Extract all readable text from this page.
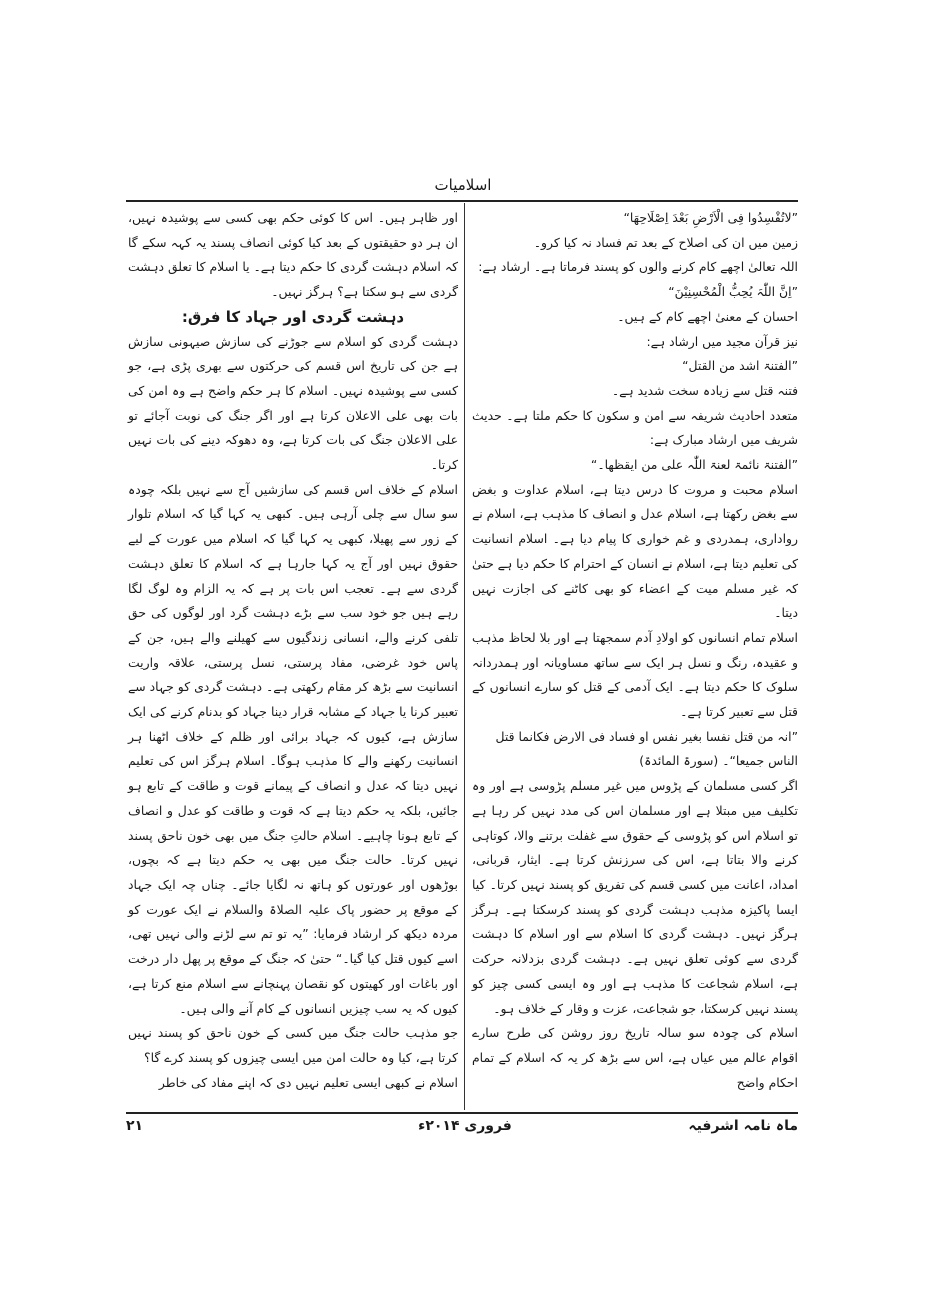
اسلامیات

”لاتُفْسِدُوا فِی الْاَرْضِ بَعْدَ اِصْلَاحِھَا“

زمین میں ان کی اصلاح کے بعد تم فساد نہ کیا کرو۔

اللہ تعالیٰ اچھے کام کرنے والوں کو پسند فرماتا ہے۔ ارشاد ہے:

”اِنَّ اللّٰہَ یُحِبُّ الْمُحْسِنِیْنَ“

احسان کے معنیٰ اچھے کام کے ہیں۔

نیز قرآن مجید میں ارشاد ہے:

”الفتنۃ اشد من القتل“

فتنہ قتل سے زیادہ سخت شدید ہے۔

متعدد احادیث شریفہ سے امن و سکون کا حکم ملتا ہے۔ حدیث شریف میں ارشاد مبارک ہے:

”الفتنۃ نائمۃ لعنۃ اللّٰہ علی من ایقظھا۔“

اسلام محبت و مروت کا درس دیتا ہے، اسلام عداوت و بغض سے بغض رکھتا ہے، اسلام عدل و انصاف کا مذہب ہے، اسلام نے رواداری، ہمدردی و غم خواری کا پیام دیا ہے۔ اسلام انسانیت کی تعلیم دیتا ہے، اسلام نے انسان کے احترام کا حکم دیا ہے حتیٰ کہ غیر مسلم میت کے اعضاء کو بھی کاٹنے کی اجازت نہیں دیتا۔

اسلام تمام انسانوں کو اولادِ آدم سمجھتا ہے اور بلا لحاظ مذہب و عقیدہ، رنگ و نسل ہر ایک سے ساتھ مساویانہ اور ہمدردانہ سلوک کا حکم دیتا ہے۔ ایک آدمی کے قتل کو سارے انسانوں کے قتل سے تعبیر کرتا ہے۔

”انہ من قتل نفسا بغیر نفس او فساد فی الارض فکانما قتل الناس جمیعا“۔ (سورۃ المائدۃ)

اگر کسی مسلمان کے پڑوس میں غیر مسلم پڑوسی ہے اور وہ تکلیف میں مبتلا ہے اور مسلمان اس کی مدد نہیں کر رہا ہے تو اسلام اس کو پڑوسی کے حقوق سے غفلت برتنے والا، کوتاہی کرنے والا بتاتا ہے، اس کی سرزنش کرتا ہے۔ ایثار، قربانی، امداد، اعانت میں کسی قسم کی تفریق کو پسند نہیں کرتا۔ کیا ایسا پاکیزہ مذہب دہشت گردی کو پسند کرسکتا ہے۔ ہرگز ہرگز نہیں۔ دہشت گردی کا اسلام سے اور اسلام کا دہشت گردی سے کوئی تعلق نہیں ہے۔ دہشت گردی بزدلانہ حرکت ہے، اسلام شجاعت کا مذہب ہے اور وہ ایسی کسی چیز کو پسند نہیں کرسکتا، جو شجاعت، عزت و وقار کے خلاف ہو۔

اسلام کی چودہ سو سالہ تاریخ روز روشن کی طرح سارے اقوام عالم میں عیاں ہے، اس سے بڑھ کر یہ کہ اسلام کے تمام احکام واضح

اور ظاہر ہیں۔ اس کا کوئی حکم بھی کسی سے پوشیدہ نہیں، ان ہر دو حقیقتوں کے بعد کیا کوئی انصاف پسند یہ کہہ سکے گا کہ اسلام دہشت گردی کا حکم دیتا ہے۔ یا اسلام کا تعلق دہشت گردی سے ہو سکتا ہے؟ ہرگز نہیں۔

دہشت گردی اور جہاد کا فرق:

دہشت گردی کو اسلام سے جوڑنے کی سازش صیہونی سازش ہے جن کی تاریخ اس قسم کی حرکتوں سے بھری پڑی ہے، جو کسی سے پوشیدہ نہیں۔ اسلام کا ہر حکم واضح ہے وہ امن کی بات بھی علی الاعلان کرتا ہے اور اگر جنگ کی نوبت آجائے تو علی الاعلان جنگ کی بات کرتا ہے، وہ دھوکہ دینے کی بات نہیں کرتا۔

اسلام کے خلاف اس قسم کی سازشیں آج سے نہیں بلکہ چودہ سو سال سے چلی آرہی ہیں۔ کبھی یہ کہا گیا کہ اسلام تلوار کے زور سے پھیلا، کبھی یہ کہا گیا کہ اسلام میں عورت کے لیے حقوق نہیں اور آج یہ کہا جارہا ہے کہ اسلام کا تعلق دہشت گردی سے ہے۔ تعجب اس بات پر ہے کہ یہ الزام وہ لوگ لگا رہے ہیں جو خود سب سے بڑے دہشت گرد اور لوگوں کی حق تلفی کرنے والے، انسانی زندگیوں سے کھیلنے والے ہیں، جن کے پاس خود غرضی، مفاد پرستی، نسل پرستی، علاقہ واریت انسانیت سے بڑھ کر مقام رکھتی ہے۔ دہشت گردی کو جہاد سے تعبیر کرنا یا جہاد کے مشابہ قرار دینا جہاد کو بدنام کرنے کی ایک سازش ہے، کیوں کہ جہاد برائی اور ظلم کے خلاف اٹھنا ہر انسانیت رکھنے والے کا مذہب ہوگا۔ اسلام ہرگز اس کی تعلیم نہیں دیتا کہ عدل و انصاف کے پیمانے قوت و طاقت کے تابع ہو جائیں، بلکہ یہ حکم دیتا ہے کہ قوت و طاقت کو عدل و انصاف کے تابع ہونا چاہیے۔ اسلام حالتِ جنگ میں بھی خون ناحق پسند نہیں کرتا۔ حالت جنگ میں بھی یہ حکم دیتا ہے کہ بچوں، بوڑھوں اور عورتوں کو ہاتھ نہ لگایا جائے۔ چناں چہ ایک جہاد کے موقع پر حضور پاک علیہ الصلاۃ والسلام نے ایک عورت کو مردہ دیکھ کر ارشاد فرمایا: ”یہ تو تم سے لڑنے والی نہیں تھی، اسے کیوں قتل کیا گیا۔“ حتیٰ کہ جنگ کے موقع پر پھل دار درخت اور باغات اور کھیتوں کو نقصان پہنچانے سے اسلام منع کرتا ہے، کیوں کہ یہ سب چیزیں انسانوں کے کام آنے والی ہیں۔

جو مذہب حالت جنگ میں کسی کے خون ناحق کو پسند نہیں کرتا ہے، کیا وہ حالت امن میں ایسی چیزوں کو پسند کرے گا؟

اسلام نے کبھی ایسی تعلیم نہیں دی کہ اپنے مفاد کی خاطر

ماہ نامہ اشرفیہ
فروری ۲۰۱۴ء
۲۱
